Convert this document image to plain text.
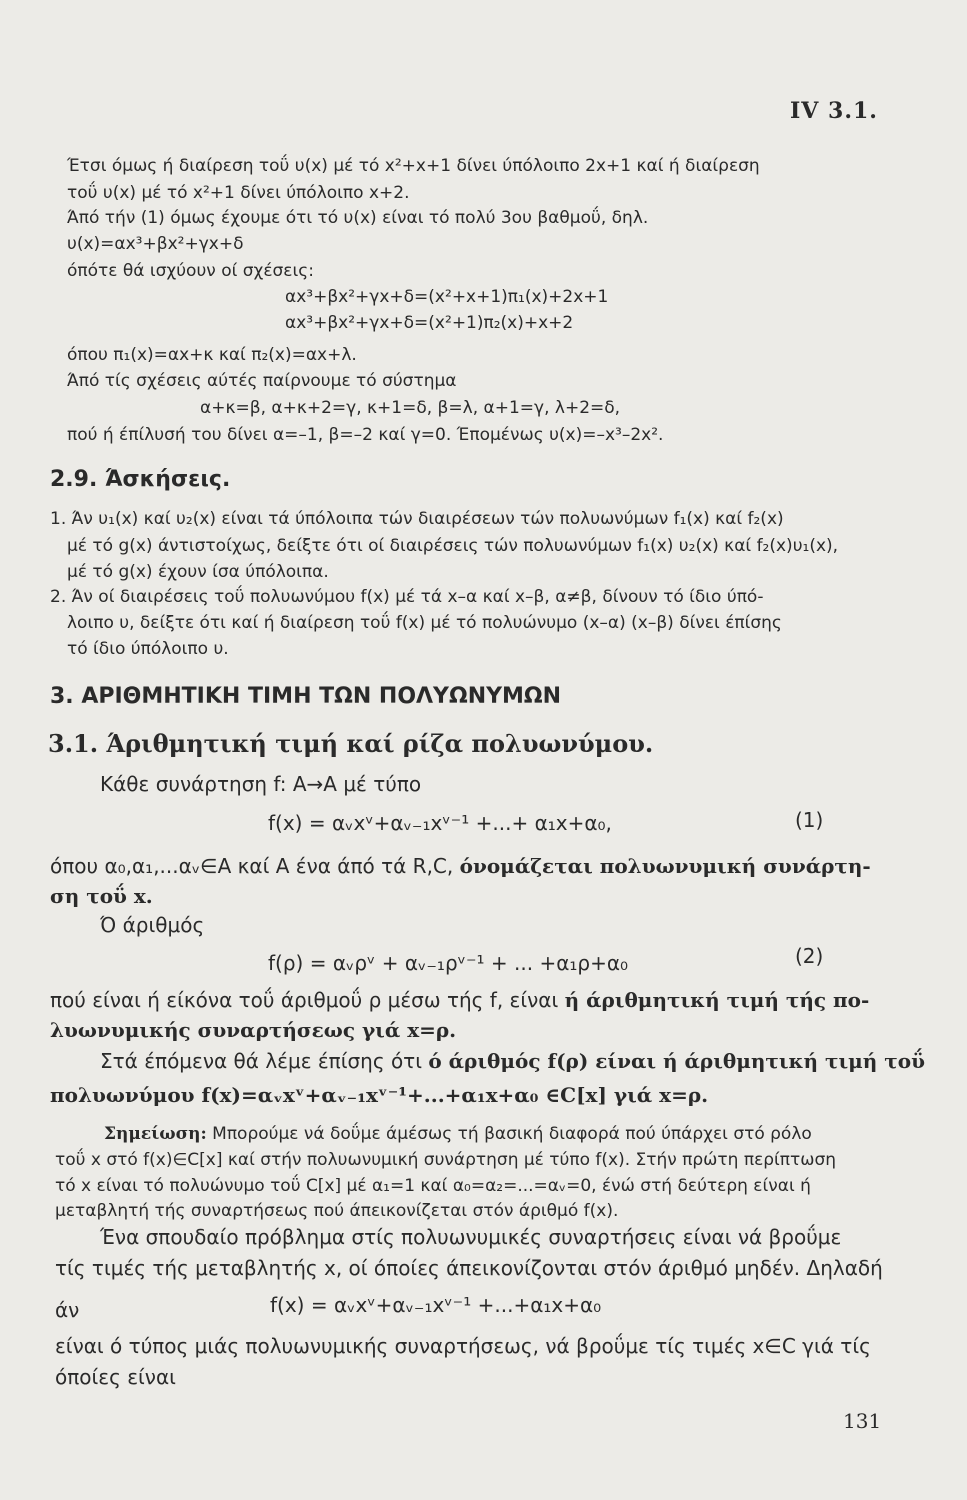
IV 3.1.
Έτσι όμως ή διαίρεση τοΰ υ(x) μέ τό x²+x+1 δίνει ύπόλοιπο 2x+1 καί ή διαίρεση
τοΰ υ(x) μέ τό x²+1 δίνει ύπόλοιπο x+2.
Άπό τήν (1) όμως έχουμε ότι τό υ(x) είναι τό πολύ 3ου βαθμοΰ, δηλ.
υ(x)=αx³+βx²+γx+δ
όπότε θά ισχύουν οί σχέσεις:
αx³+βx²+γx+δ=(x²+x+1)π₁(x)+2x+1
αx³+βx²+γx+δ=(x²+1)π₂(x)+x+2
όπου π₁(x)=αx+κ καί π₂(x)=αx+λ.
Άπό τίς σχέσεις αύτές παίρνουμε τό σύστημα
α+κ=β, α+κ+2=γ, κ+1=δ, β=λ, α+1=γ, λ+2=δ,
πού ή έπίλυσή του δίνει α=–1, β=–2 καί γ=0. Έπομένως υ(x)=–x³–2x².
2.9. Άσκήσεις.
1. Άν υ₁(x) καί υ₂(x) είναι τά ύπόλοιπα τών διαιρέσεων τών πολυωνύμων f₁(x) καί f₂(x)
μέ τό g(x) άντιστοίχως, δείξτε ότι οί διαιρέσεις τών πολυωνύμων f₁(x) υ₂(x) καί f₂(x)υ₁(x),
μέ τό g(x) έχουν ίσα ύπόλοιπα.
2. Άν οί διαιρέσεις τοΰ πολυωνύμου f(x) μέ τά x–α καί x–β, α≠β, δίνουν τό ίδιο ύπό-
λοιπο υ, δείξτε ότι καί ή διαίρεση τοΰ f(x) μέ τό πολυώνυμο (x–α) (x–β) δίνει έπίσης
τό ίδιο ύπόλοιπο υ.
3. ΑΡΙΘΜΗΤΙΚΗ ΤΙΜΗ ΤΩΝ ΠΟΛΥΩΝΥΜΩΝ
3.1. Άριθμητική τιμή καί ρίζα πολυωνύμου.
Κάθε συνάρτηση f: A→A μέ τύπο
f(x) = αᵥxᵛ+αᵥ₋₁xᵛ⁻¹ +...+ α₁x+α₀,	(1)
όπου α₀,α₁,...αᵥ∈A καί A ένα άπό τά R,C, όνομάζεται πολυωνυμική συνάρτη-
ση τοΰ x.
Ό άριθμός
f(ρ) = αᵥρᵛ + αᵥ₋₁ρᵛ⁻¹ + ... +α₁ρ+α₀	(2)
πού είναι ή είκόνα τοΰ άριθμοΰ ρ μέσω τής f, είναι ή άριθμητική τιμή τής πο-
λυωνυμικής συναρτήσεως γιά x=ρ.
Στά έπόμενα θά λέμε έπίσης ότι ό άριθμός f(ρ) είναι ή άριθμητική τιμή τοΰ
πολυωνύμου f(x)=αᵥxᵛ+αᵥ₋₁xᵛ⁻¹+...+α₁x+α₀ ∈C[x] γιά x=ρ.
Σημείωση: Μπορούμε νά δοΰμε άμέσως τή βασική διαφορά πού ύπάρχει στό ρόλο
τοΰ x στό f(x)∈C[x] καί στήν πολυωνυμική συνάρτηση μέ τύπο f(x). Στήν πρώτη περίπτωση
τό x είναι τό πολυώνυμο τοΰ C[x] μέ α₁=1 καί α₀=α₂=...=αᵥ=0, ένώ στή δεύτερη είναι ή
μεταβλητή τής συναρτήσεως πού άπεικονίζεται στόν άριθμό f(x).
Ένα σπουδαίο πρόβλημα στίς πολυωνυμικές συναρτήσεις είναι νά βροΰμε
τίς τιμές τής μεταβλητής x, οί όποίες άπεικονίζονται στόν άριθμό μηδέν. Δηλαδή
άν	f(x) = αᵥxᵛ+αᵥ₋₁xᵛ⁻¹ +...+α₁x+α₀
είναι ό τύπος μιάς πολυωνυμικής συναρτήσεως, νά βροΰμε τίς τιμές x∈C γιά τίς
όποίες είναι
131
